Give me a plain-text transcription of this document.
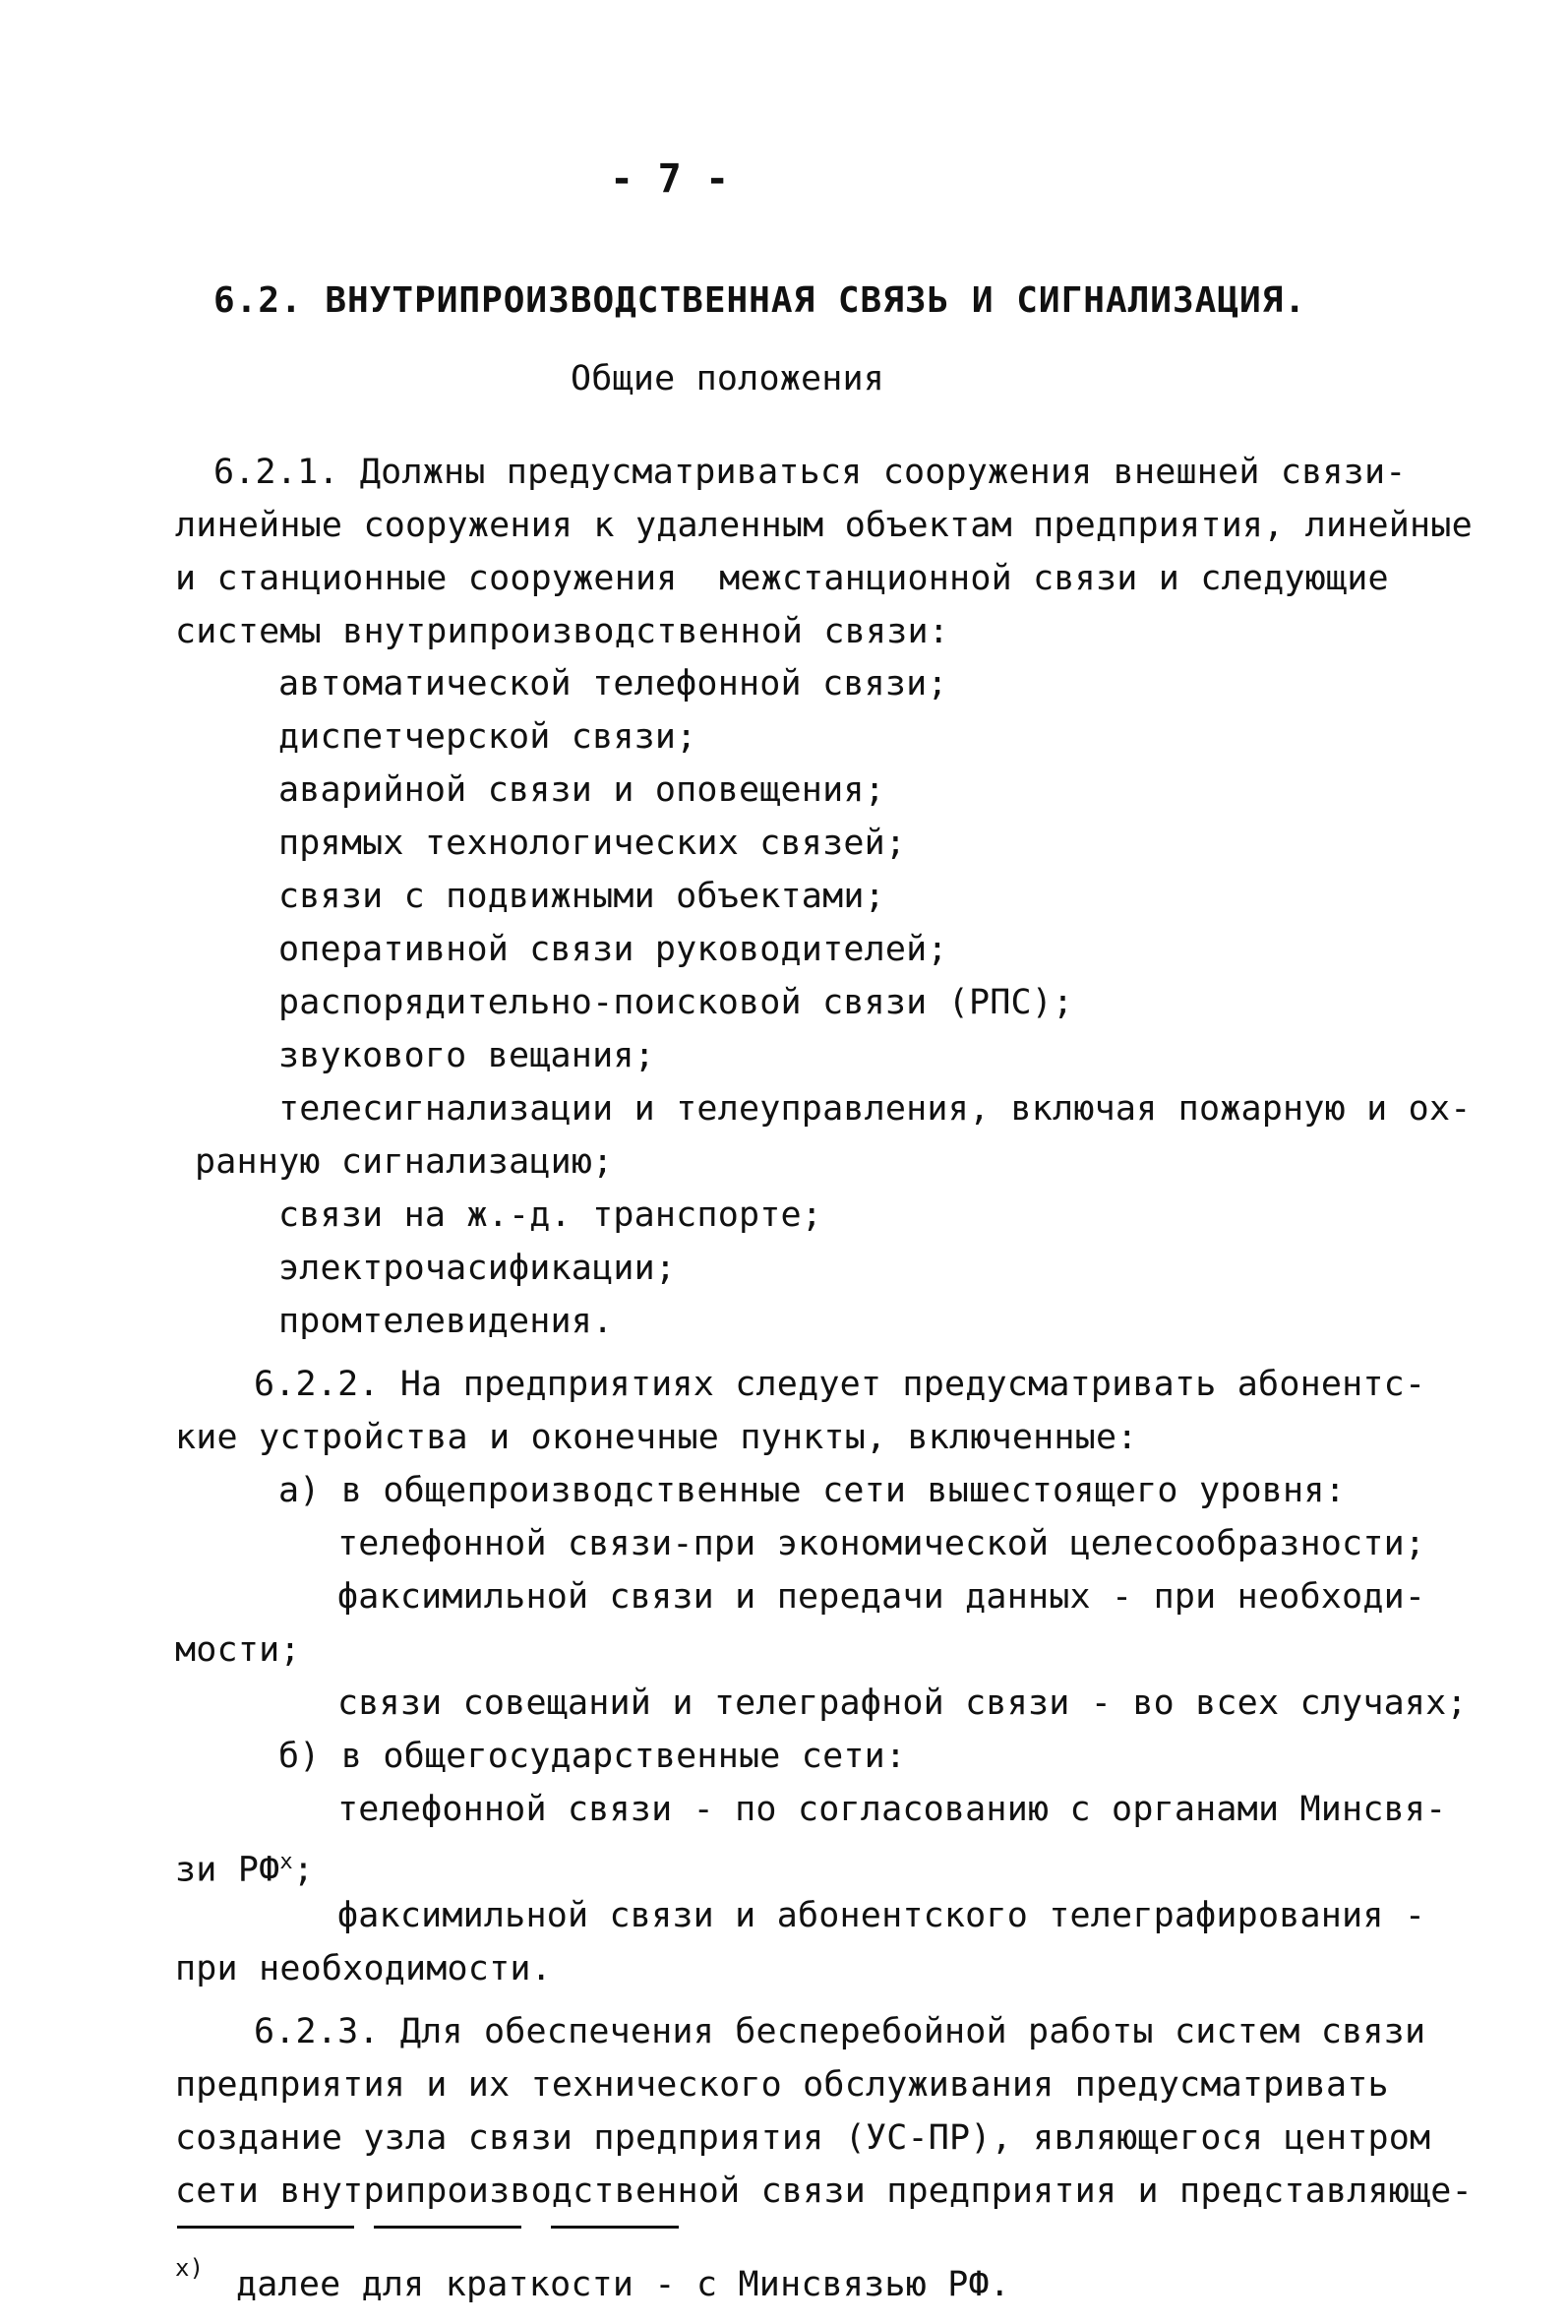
- 7 -
6.2. ВНУТРИПРОИЗВОДСТВЕННАЯ СВЯЗЬ И СИГНАЛИЗАЦИЯ.
Общие положения
6.2.1. Должны предусматриваться сооружения внешней связи-
линейные сооружения к удаленным объектам предприятия, линейные
и станционные сооружения  межстанционной связи и следующие
системы внутрипроизводственной связи:
автоматической телефонной связи;
диспетчерской связи;
аварийной связи и оповещения;
прямых технологических связей;
связи с подвижными объектами;
оперативной связи руководителей;
распорядительно-поисковой связи (РПС);
звукового вещания;
телесигнализации и телеуправления, включая пожарную и ох-
ранную сигнализацию;
связи на ж.-д. транспорте;
электрочасификации;
промтелевидения.
6.2.2. На предприятиях следует предусматривать абонентс-
кие устройства и оконечные пункты, включенные:
а) в общепроизводственные сети вышестоящего уровня:
телефонной связи-при экономической целесообразности;
факсимильной связи и передачи данных - при необходи-
мости;
связи совещаний и телеграфной связи - во всех случаях;
б) в общегосударственные сети:
телефонной связи - по согласованию с органами Минсвя-
зи $РФ^x$;
факсимильной связи и абонентского телеграфирования -
при необходимости.
6.2.3. Для обеспечения бесперебойной работы систем связи
предприятия и их технического обслуживания предусматривать
создание узла связи предприятия (УС-ПР), являющегося центром
сети внутрипроизводственной связи предприятия и представляюще-
x) далее для краткости - с Минсвязью РФ.
